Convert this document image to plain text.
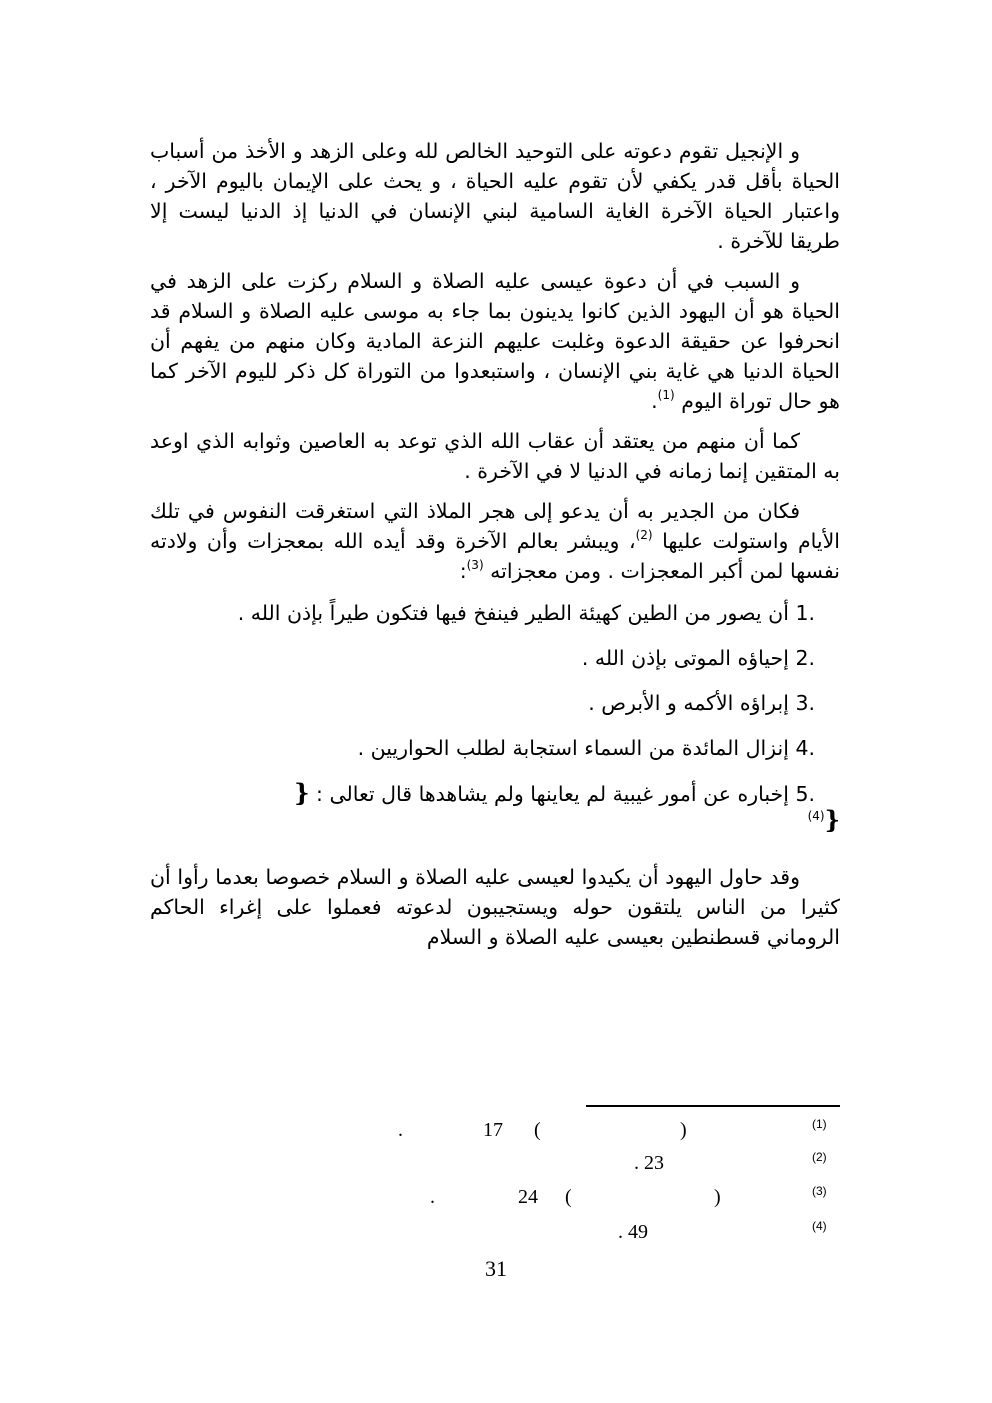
و الإنجيل تقوم دعوته على التوحيد الخالص لله وعلى الزهد و الأخذ من أسباب الحياة بأقل قدر يكفي لأن تقوم عليه الحياة ، و يحث على الإيمان باليوم الآخر ، واعتبار الحياة الآخرة الغاية السامية لبني الإنسان في الدنيا إذ الدنيا ليست إلا طريقا للآخرة .

و السبب في أن دعوة عيسى عليه الصلاة و السلام ركزت على الزهد في الحياة هو أن اليهود الذين كانوا يدينون بما جاء به موسى عليه الصلاة و السلام قد انحرفوا عن حقيقة الدعوة وغلبت عليهم النزعة المادية وكان منهم من يفهم أن الحياة الدنيا هي غاية بني الإنسان ، واستبعدوا من التوراة كل ذكر لليوم الآخر كما هو حال توراة اليوم $^{(1)}$.

كما أن منهم من يعتقد أن عقاب الله الذي توعد به العاصين وثوابه الذي اوعد به المتقين إنما زمانه في الدنيا لا في الآخرة .

فكان من الجدير به أن يدعو إلى هجر الملاذ التي استغرقت النفوس في تلك الأيام واستولت عليها $^{(2)}$، ويبشر بعالم الآخرة وقد أيده الله بمعجزات وأن ولادته نفسها لمن أكبر المعجزات . ومن معجزاته $^{(3)}$:

1. أن يصور من الطين كهيئة الطير فينفخ فيها فتكون طيراً بإذن الله .
2. إحياؤه الموتى بإذن الله .
3. إبراؤه الأكمه و الأبرص .
4. إنزال المائدة من السماء استجابة لطلب الحواريين .
5. إخباره عن أمور غيبية لم يعاينها ولم يشاهدها قال تعالى : {
$^{(4)}$}

وقد حاول اليهود أن يكيدوا لعيسى عليه الصلاة و السلام خصوصا بعدما رأوا أن كثيرا من الناس يلتقون حوله ويستجيبون لدعوته فعملوا على إغراء الحاكم الروماني قسطنطين بعيسى عليه الصلاة و السلام

(1)
)
(
17
.
(2)
. 23
(3)
)
(
24
.
(4)
. 49
31
